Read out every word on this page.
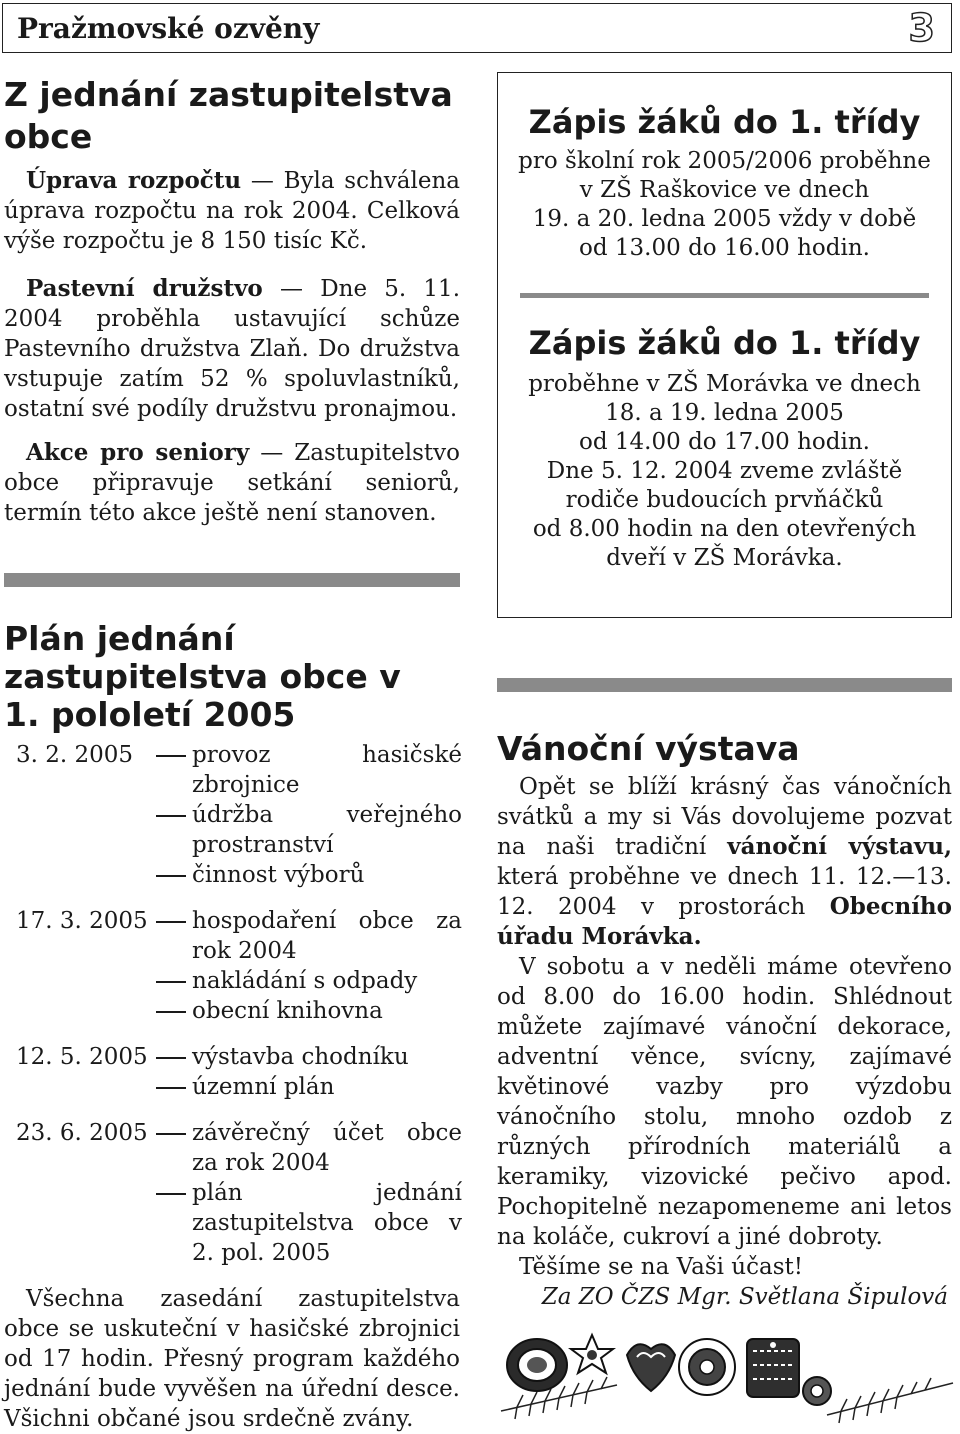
Pražmovské ozvěny	3
Z jednání zastupitelstva obce

Úprava rozpočtu — Byla schválena úprava rozpočtu na rok 2004. Celková výše rozpočtu je 8 150 tisíc Kč.

Pastevní družstvo — Dne 5. 11. 2004 proběhla ustavující schůze Pastevního družstva Zlaň. Do družstva vstupuje zatím 52 % spoluvlastníků, ostatní své podíly družstvu pronajmou.

Akce pro seniory — Zastupitelstvo obce připravuje setkání seniorů, termín této akce ještě není stanoven.

Plán jednání zastupitelstva obce v 1. pololetí 2005
3. 2. 2005	provoz hasičské zbrojnice
údržba veřejného prostranství
činnost výborů
17. 3. 2005 hospodaření obce za rok 2004
nakládání s odpady
obecní knihovna
12. 5. 2005 výstavba chodníku
územní plán
23. 6. 2005 závěrečný účet obce za rok 2004
plán jednání zastupitelstva obce v 2. pol. 2005

Všechna zasedání zastupitelstva obce se uskuteční v hasičské zbrojnici od 17 hodin. Přesný program každého jednání bude vyvěšen na úřední desce. Všichni občané jsou srdečně zvány.

Zápis žáků do 1. třídy
pro školní rok 2005/2006 proběhne
v ZŠ Raškovice ve dnech
19. a 20. ledna 2005 vždy v době
od 13.00 do 16.00 hodin.
Zápis žáků do 1. třídy
proběhne v ZŠ Morávka ve dnech
18. a 19. ledna 2005
od 14.00 do 17.00 hodin.
Dne 5. 12. 2004 zveme zvláště
rodiče budoucích prvňáčků
od 8.00 hodin na den otevřených
dveří v ZŠ Morávka.
Vánoční výstava

Opět se blíží krásný čas vánočních svátků a my si Vás dovolujeme pozvat na naši tradiční vánoční výstavu, která proběhne ve dnech 11. 12.—13. 12. 2004 v prostorách Obecního úřadu Morávka.

V sobotu a v neděli máme otevřeno od 8.00 do 16.00 hodin. Shlédnout můžete zajímavé vánoční dekorace, adventní věnce, svícny, zajímavé květinové vazby pro výzdobu vánočního stolu, mnoho ozdob z různých přírodních materiálů a keramiky, vizovické pečivo apod. Pochopitelně nezapomeneme ani letos na koláče, cukroví a jiné dobroty.

Těšíme se na Vaši účast!

Za ZO ČZS Mgr. Světlana Šipulová
